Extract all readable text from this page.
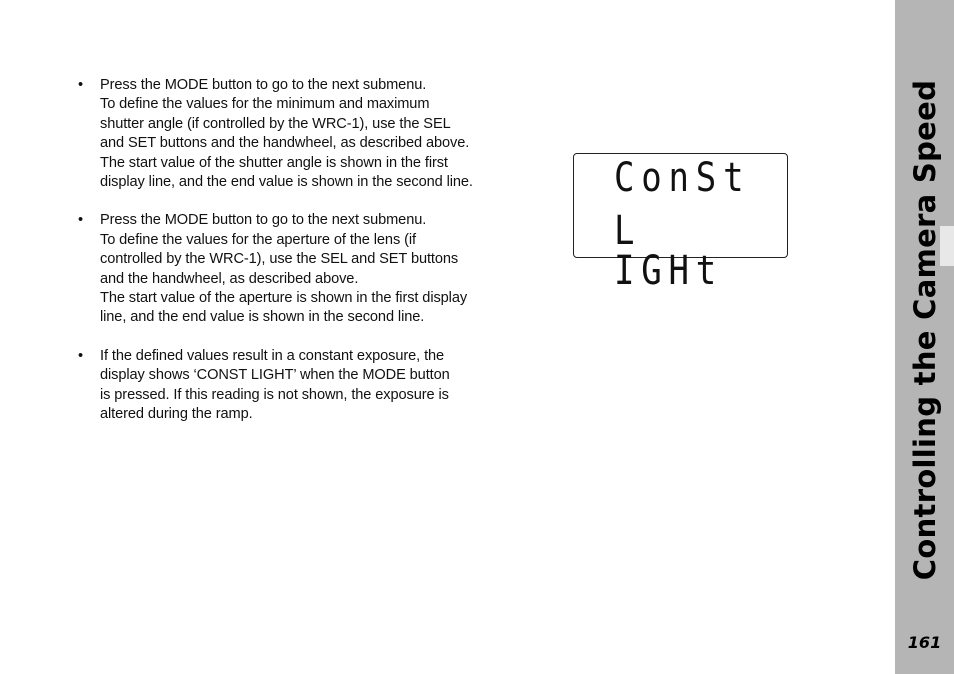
• Press the MODE button to go to the next submenu.
To define the values for the minimum and maximum
shutter angle (if controlled by the WRC-1), use the SEL
and SET buttons and the handwheel, as described above.
The start value of the shutter angle is shown in the first
display line, and the end value is shown in the second line.
• Press the MODE button to go to the next submenu.
To define the values for the aperture of the lens (if
controlled by the WRC-1), use the SEL and SET buttons
and the handwheel, as described above.
The start value of the aperture is shown in the first display
line, and the end value is shown in the second line.
• If the defined values result in a constant exposure, the
display shows ‘CONST LIGHT’ when the MODE button
is pressed. If this reading is not shown, the exposure is
altered during the ramp.
ConSt
L IGHt	Controlling the Camera Speed
161
